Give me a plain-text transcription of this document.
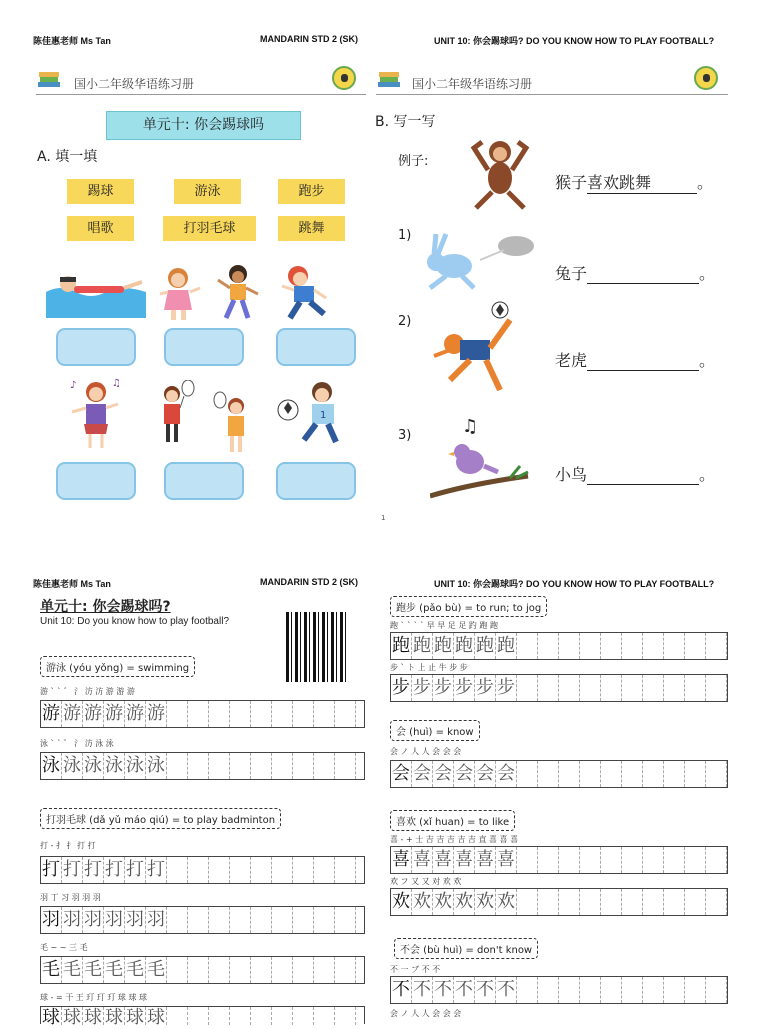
陈佳惠老师 Ms Tan	MANDARIN STD 2 (SK)	UNIT 10: 你会踢球吗? DO YOU KNOW HOW TO PLAY FOOTBALL?
国小二年级华语练习册
单元十: 你会踢球吗
A. 填一填
踢球	游泳	跑步
唱歌	打羽毛球	跳舞
♪	♫
1
国小二年级华语练习册
B. 写一写
例子:
猴子喜欢跳舞	。
1)
兔子	。
2)
老虎	。
3)	♫
小鸟	。
1
陈佳惠老师 Ms Tan	MANDARIN STD 2 (SK)	UNIT 10: 你会踢球吗? DO YOU KNOW HOW TO PLAY FOOTBALL?
单元十: 你会踢球吗?
Unit 10: Do you know how to play football?
游泳 (yóu yǒng) = swimming
游 ` ` ゛ 氵 汸 汸 游 游 游
游 游 游 游 游 游
泳 ` ` ゛ 氵 汸 泳 泳
泳 泳 泳 泳 泳 泳
打羽毛球 (dǎ yǔ máo qiú) = to play badminton
打 - 扌 扌 打 打
打 打 打 打 打 打
羽 丁 习 羽 羽 羽
羽 羽 羽 羽 羽 羽
毛 ~ ~ 三 毛
毛 毛 毛 毛 毛 毛
球 - = 干 王 玎 玎 玎 球 球 球
球 球 球 球 球 球
跑步 (pǎo bù) = to run; to jog
跑 ` ` ` ` 早 早 足 足 趵 跑 跑
跑 跑 跑 跑 跑 跑
步 ` ト 上 止 牛 步 步
步 步 步 步 步 步
会 (huì) = know
会 ノ 人 人 会 会 会
会 会 会 会 会 会
喜欢 (xǐ huan) = to like
喜 - + 士 吉 吉 吉 吉 吉 直 喜 喜 喜
喜 喜 喜 喜 喜 喜
欢 フ 又 又 对 欢 欢
欢 欢 欢 欢 欢 欢
不会 (bù huì) = don't know
不 一 ブ 不 不
不 不 不 不 不 不
会 ノ 人 人 会 会 会
